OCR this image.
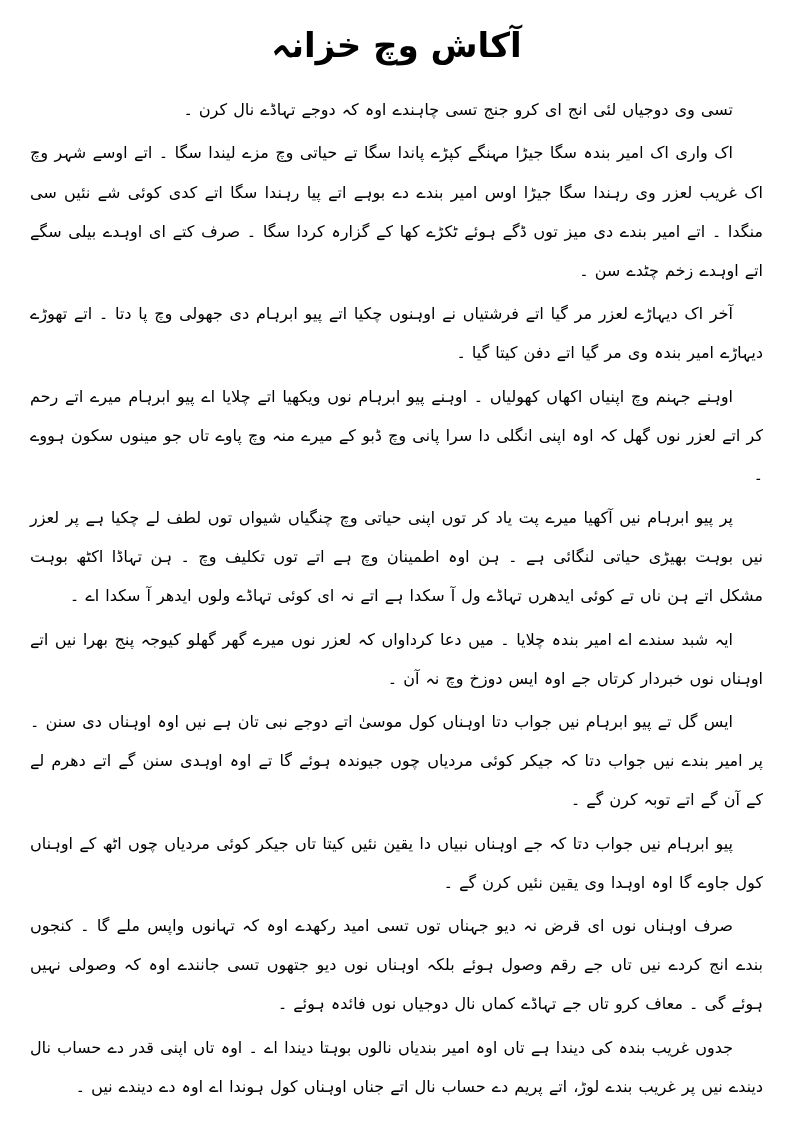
آکاش وچ خزانہ

تسی وی دوجیاں لئی انج ای کرو جنج تسی چاہندے اوہ کہ دوجے تہاڈے نال کرن ۔

اک واری اک امیر بندہ سگا جیڑا مہنگے کپڑے پاندا سگا تے حیاتی وچ مزے لیندا سگا ۔ اتے اوسے شہر وچ اک غریب لعزر وی رہندا سگا جیڑا اوس امیر بندے دے بوہے اتے پیا رہندا سگا اتے کدی کوئی شے نئیں سی منگدا ۔ اتے امیر بندے دی میز توں ڈگے ہوئے ٹکڑے کھا کے گزارہ کردا سگا ۔ صرف کتے ای اوہدے بیلی سگے اتے اوہدے زخم چٹدے سن ۔

آخر اک دیہاڑے لعزر مر گیا اتے فرشتیاں نے اوہنوں چکیا اتے پیو ابرہام دی جھولی وچ پا دتا ۔ اتے تھوڑے دیہاڑے امیر بندہ وی مر گیا اتے دفن کیتا گیا ۔

اوہنے جہنم وچ اپنیاں اکھاں کھولیاں ۔ اوہنے پیو ابرہام نوں ویکھیا اتے چلایا اے پیو ابرہام میرے اتے رحم کر اتے لعزر نوں گھل کہ اوہ اپنی انگلی دا سرا پانی وچ ڈبو کے میرے منہ وچ پاوے تاں جو مینوں سکون ہووے ۔

پر پیو ابرہام نیں آکھیا میرے پت یاد کر توں اپنی حیاتی وچ چنگیاں شیواں توں لطف لے چکیا ہے پر لعزر نیں بوہت بھیڑی حیاتی لنگائی ہے ۔ ہن اوہ اطمینان وچ ہے اتے توں تکلیف وچ ۔ ہن تہاڈا اکٹھ بوہت مشکل اتے ہن ناں تے کوئی ایدھرں تہاڈے ول آ سکدا ہے اتے نہ ای کوئی تہاڈے ولوں ایدھر آ سکدا اے ۔

ایہ شبد سندے اے امیر بندہ چلایا ۔ میں دعا کرداواں کہ لعزر نوں میرے گھر گھلو کیوجہ پنج بھرا نیں اتے اوہناں نوں خبردار کرتاں جے اوہ ایس دوزخ وچ نہ آن ۔

ایس گل تے پیو ابرہام نیں جواب دتا اوہناں کول موسیٰ اتے دوجے نبی تان ہے نیں اوہ اوہناں دی سنن ۔ پر امیر بندے نیں جواب دتا کہ جیکر کوئی مردیاں چوں جیوندہ ہوئے گا تے اوہ اوہدی سنن گے اتے دھرم لے کے آن گے اتے توبہ کرن گے ۔

پیو ابرہام نیں جواب دتا کہ جے اوہناں نبیاں دا یقین نئیں کیتا تاں جیکر کوئی مردیاں چوں اٹھ کے اوہناں کول جاوے گا اوہ اوہدا وی یقین نئیں کرن گے ۔

صرف اوہناں نوں ای قرض نہ دیو جہناں توں تسی امید رکھدے اوہ کہ تہانوں واپس ملے گا ۔ کنجوں بندے انج کردے نیں تاں جے رقم وصول ہوئے بلکہ اوہناں نوں دیو جتھوں تسی جانندے اوہ کہ وصولی نہیں ہوئے گی ۔ معاف کرو تاں جے تہاڈے کماں نال دوجیاں نوں فائدہ ہوئے ۔

جدوں غریب بندہ کی دیندا ہے تاں اوہ امیر بندیاں نالوں بوہتا دیندا اے ۔ اوہ تاں اپنی قدر دے حساب نال دیندے نیں پر غریب بندے لوڑ، اتے پریم دے حساب نال اتے جناں اوہناں کول ہوندا اے اوہ دے دیندے نیں ۔
